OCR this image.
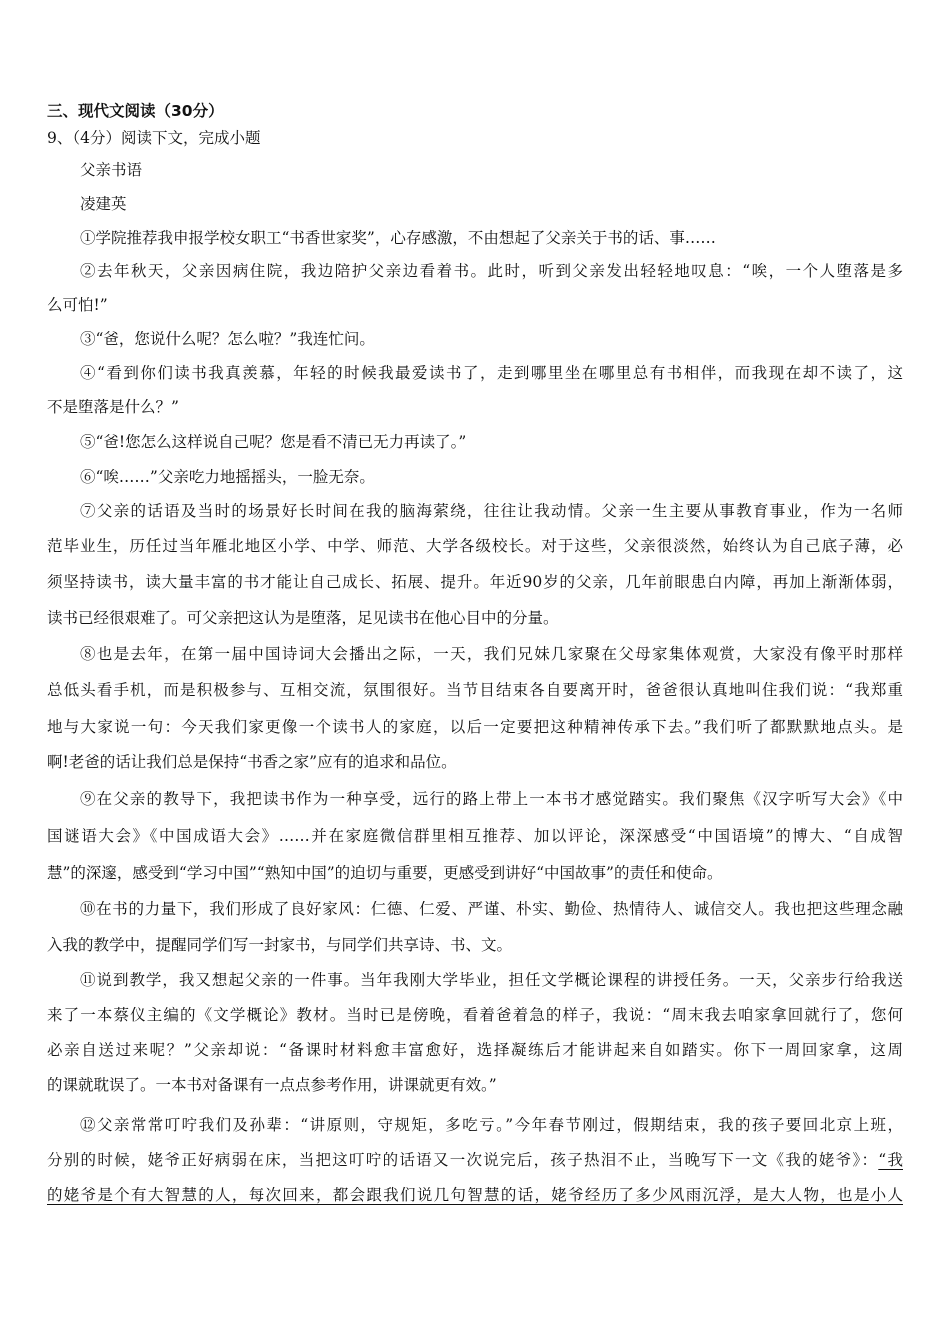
三、现代文阅读（30分）
9、（4分）阅读下文，完成小题
父亲书语
凌建英
①学院推荐我申报学校女职工“书香世家奖”，心存感激，不由想起了父亲关于书的话、事……
②去年秋天，父亲因病住院，我边陪护父亲边看着书。此时，听到父亲发出轻轻地叹息：“唉，一个人堕落是多
么可怕!”
③“爸，您说什么呢？怎么啦？”我连忙问。
④“看到你们读书我真羡慕，年轻的时候我最爱读书了，走到哪里坐在哪里总有书相伴，而我现在却不读了，这
不是堕落是什么？”
⑤“爸!您怎么这样说自己呢？您是看不清已无力再读了。”
⑥“唉……”父亲吃力地摇摇头，一脸无奈。
⑦父亲的话语及当时的场景好长时间在我的脑海萦绕，往往让我动情。父亲一生主要从事教育事业，作为一名师
范毕业生，历任过当年雁北地区小学、中学、师范、大学各级校长。对于这些，父亲很淡然，始终认为自己底子薄，必
须坚持读书，读大量丰富的书才能让自己成长、拓展、提升。年近90岁的父亲，几年前眼患白内障，再加上渐渐体弱，
读书已经很艰难了。可父亲把这认为是堕落，足见读书在他心目中的分量。
⑧也是去年，在第一届中国诗词大会播出之际，一天，我们兄妹几家聚在父母家集体观赏，大家没有像平时那样
总低头看手机，而是积极参与、互相交流，氛围很好。当节目结束各自要离开时，爸爸很认真地叫住我们说：“我郑重
地与大家说一句：今天我们家更像一个读书人的家庭，以后一定要把这种精神传承下去。”我们听了都默默地点头。是
啊!老爸的话让我们总是保持“书香之家”应有的追求和品位。
⑨在父亲的教导下，我把读书作为一种享受，远行的路上带上一本书才感觉踏实。我们聚焦《汉字听写大会》《中
国谜语大会》《中国成语大会》……并在家庭微信群里相互推荐、加以评论，深深感受“中国语境”的博大、“自成智
慧”的深邃，感受到“学习中国”“熟知中国”的迫切与重要，更感受到讲好“中国故事”的责任和使命。
⑩在书的力量下，我们形成了良好家风：仁德、仁爱、严谨、朴实、勤俭、热情待人、诚信交人。我也把这些理念融
入我的教学中，提醒同学们写一封家书，与同学们共享诗、书、文。
⑪说到教学，我又想起父亲的一件事。当年我刚大学毕业，担任文学概论课程的讲授任务。一天，父亲步行给我送
来了一本蔡仪主编的《文学概论》教材。当时已是傍晚，看着爸着急的样子，我说：“周末我去咱家拿回就行了，您何
必亲自送过来呢？”父亲却说：“备课时材料愈丰富愈好，选择凝练后才能讲起来自如踏实。你下一周回家拿，这周
的课就耽误了。一本书对备课有一点点参考作用，讲课就更有效。”
⑫父亲常常叮咛我们及孙辈：“讲原则，守规矩，多吃亏。”今年春节刚过，假期结束，我的孩子要回北京上班，
分别的时候，姥爷正好病弱在床，当把这叮咛的话语又一次说完后，孩子热泪不止，当晚写下一文《我的姥爷》：“我
的姥爷是个有大智慧的人，每次回来，都会跟我们说几句智慧的话，姥爷经历了多少风雨沉浮，是大人物，也是小人
